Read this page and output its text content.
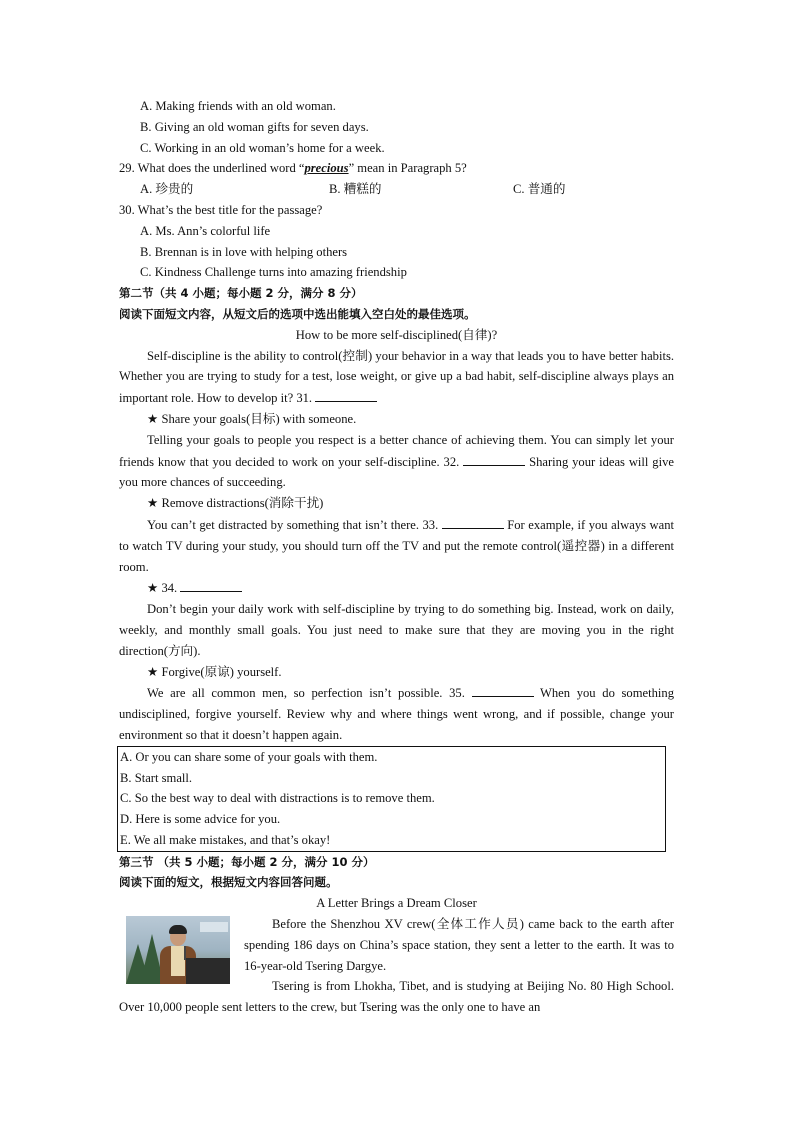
A. Making friends with an old woman.
B. Giving an old woman gifts for seven days.
C. Working in an old woman’s home for a week.
29. What does the underlined word “precious” mean in Paragraph 5?
A. 珍贵的	B. 糟糕的	C. 普通的
30. What’s the best title for the passage?
A. Ms. Ann’s colorful life
B. Brennan is in love with helping others
C. Kindness Challenge turns into amazing friendship
第二节（共 4 小题；每小题 2 分，满分 8 分）
阅读下面短文内容，从短文后的选项中选出能填入空白处的最佳选项。
How to be more self-disciplined(自律)?
Self-discipline is the ability to control(控制) your behavior in a way that leads you to have better habits. Whether you are trying to study for a test, lose weight, or give up a bad habit, self-discipline always plays an important role. How to develop it? 31.
★ Share your goals(目标) with someone.
Telling your goals to people you respect is a better chance of achieving them. You can simply let your friends know that you decided to work on your self-discipline. 32.	Sharing your ideas will give you more chances of succeeding.
★ Remove distractions(消除干扰)
You can’t get distracted by something that isn’t there. 33.	For example, if you always want to watch TV during your study, you should turn off the TV and put the remote control(遥控器) in a different room.
★ 34.
Don’t begin your daily work with self-discipline by trying to do something big. Instead, work on daily, weekly, and monthly small goals. You just need to make sure that they are moving you in the right direction(方向).
★ Forgive(原谅) yourself.
We are all common men, so perfection isn’t possible. 35.	When you do something undisciplined, forgive yourself. Review why and where things went wrong, and if possible, change your environment so that it doesn’t happen again.
A. Or you can share some of your goals with them.
B. Start small.
C. So the best way to deal with distractions is to remove them.
D. Here is some advice for you.
E. We all make mistakes, and that’s okay!
第三节 （共 5 小题；每小题 2 分，满分 10 分）
阅读下面的短文，根据短文内容回答问题。
A Letter Brings a Dream Closer
Before the Shenzhou XV crew(全体工作人员) came back to the earth after spending 186 days on China’s space station, they sent a letter to the earth. It was to 16-year-old Tsering Dargye.
Tsering is from Lhokha, Tibet, and is studying at Beijing No. 80 High School. Over 10,000 people sent letters to the crew, but Tsering was the only one to have an
